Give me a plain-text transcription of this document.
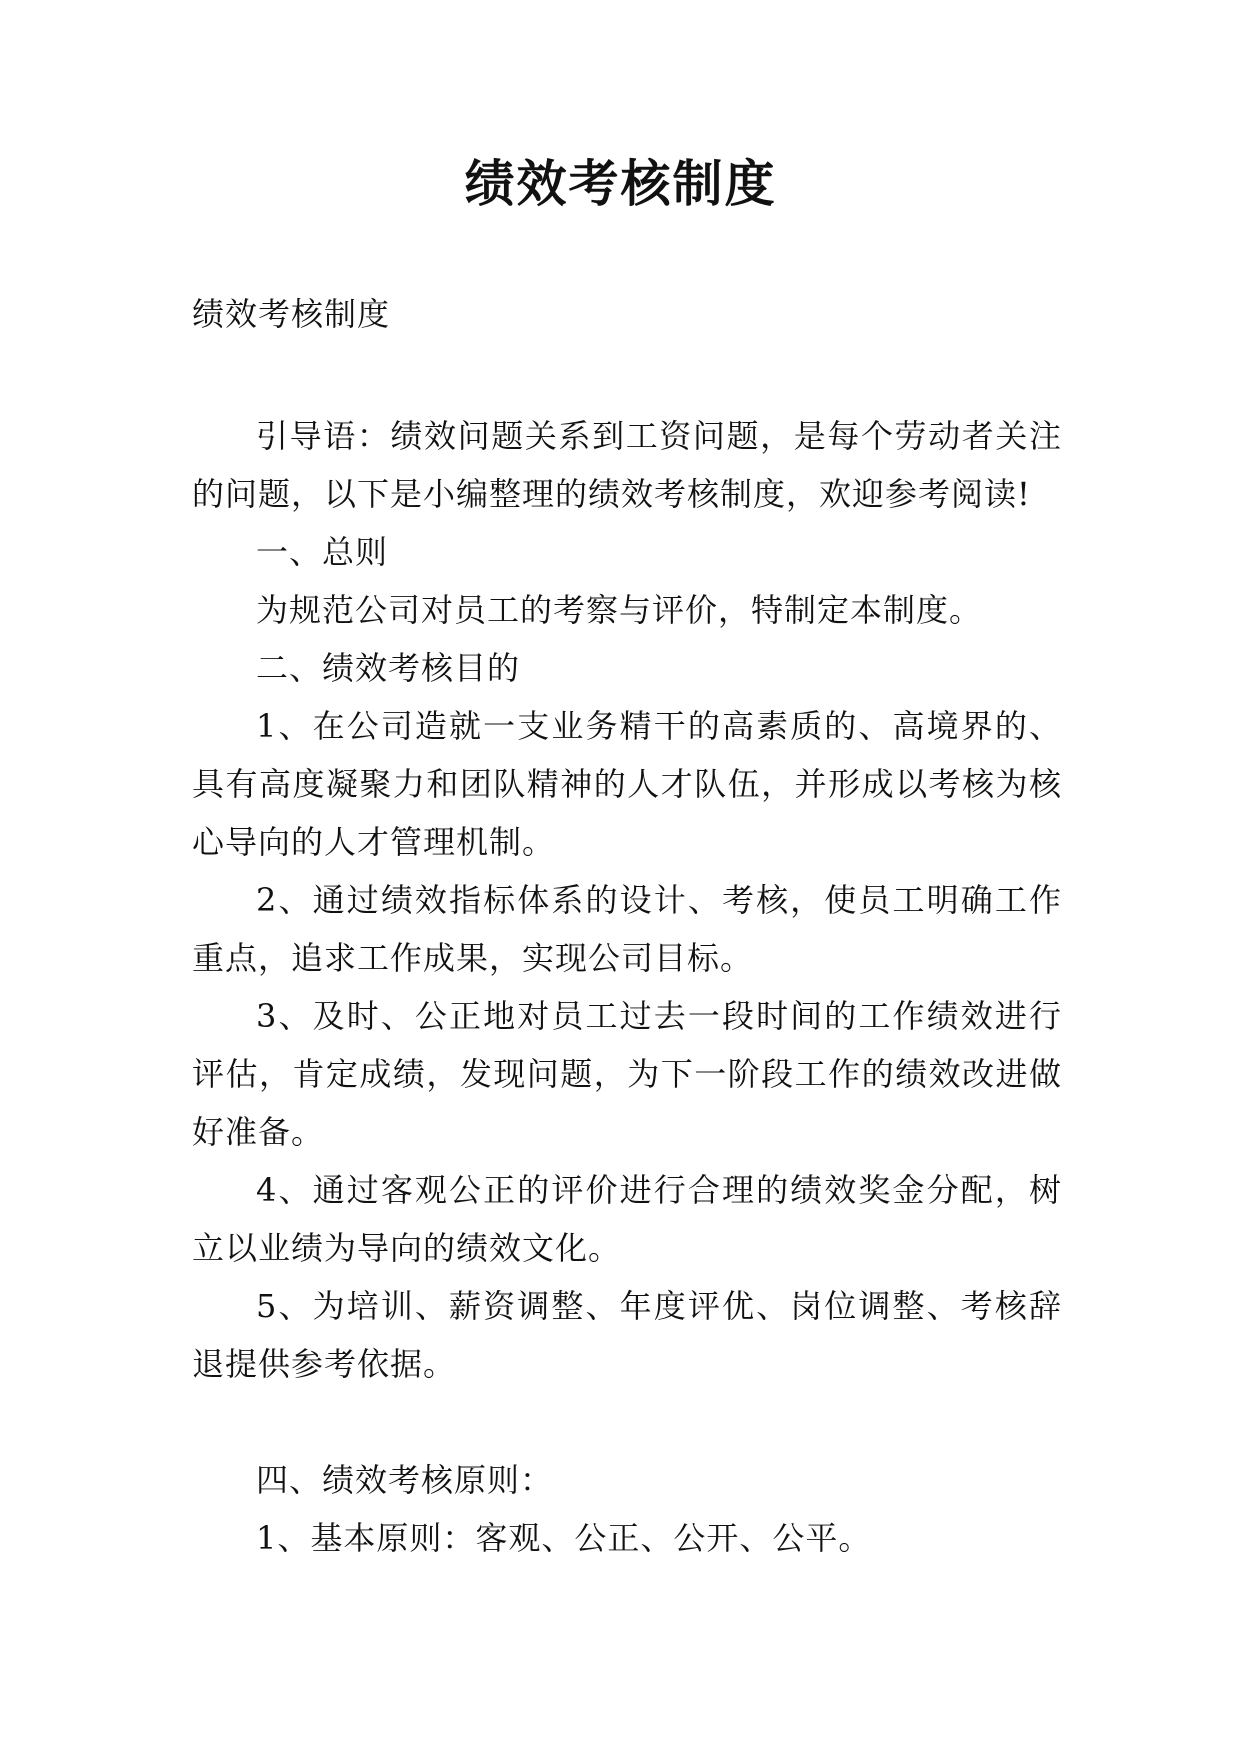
绩效考核制度
绩效考核制度

引导语：绩效问题关系到工资问题，是每个劳动者关注的问题，以下是小编整理的绩效考核制度，欢迎参考阅读!

一、总则

为规范公司对员工的考察与评价，特制定本制度。

二、绩效考核目的

1、在公司造就一支业务精干的高素质的、高境界的、具有高度凝聚力和团队精神的人才队伍，并形成以考核为核心导向的人才管理机制。

2、通过绩效指标体系的设计、考核，使员工明确工作重点，追求工作成果，实现公司目标。

3、及时、公正地对员工过去一段时间的工作绩效进行评估，肯定成绩，发现问题，为下一阶段工作的绩效改进做好准备。

4、通过客观公正的评价进行合理的绩效奖金分配，树立以业绩为导向的绩效文化。

5、为培训、薪资调整、年度评优、岗位调整、考核辞退提供参考依据。

四、绩效考核原则：

1、基本原则：客观、公正、公开、公平。
